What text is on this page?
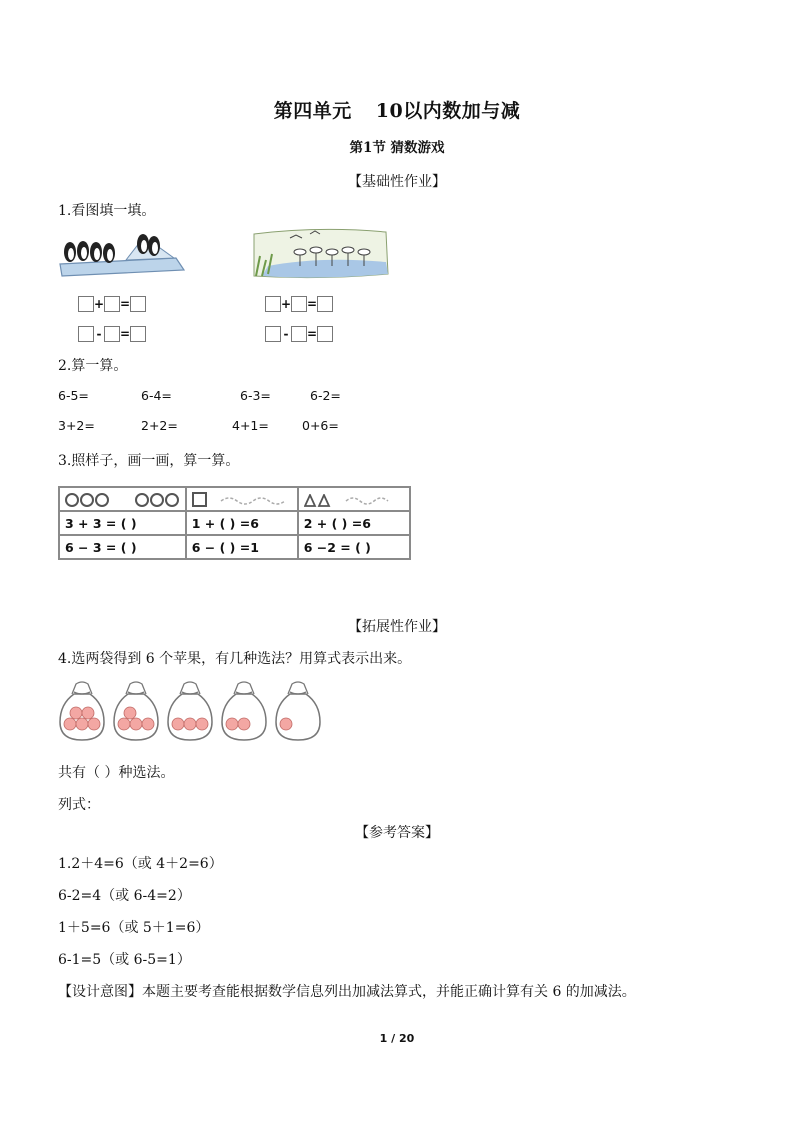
第四单元 10以内数加与减
第1节 猜数游戏
【基础性作业】
1.看图填一填。
+ =
- =
+ =
- =
2.算一算。
6-5=	6-4=	6-3=	6-2=
3+2=	2+2=	4+1=	0+6=
3.照样子，画一画，算一算。

3 + 3 = ( )	1 + ( ) =6	2 + ( ) =6
6 − 3 = ( )	6 − ( ) =1	6 −2 = ( )
【拓展性作业】
4.选两袋得到 6 个苹果，有几种选法？用算式表示出来。
共有（ ）种选法。
列式：
【参考答案】
1.2＋4=6（或 4＋2=6）
6-2=4（或 6-4=2）
1＋5=6（或 5＋1=6）
6-1=5（或 6-5=1）
【设计意图】本题主要考查能根据数学信息列出加减法算式，并能正确计算有关 6 的加减法。
1 / 20
